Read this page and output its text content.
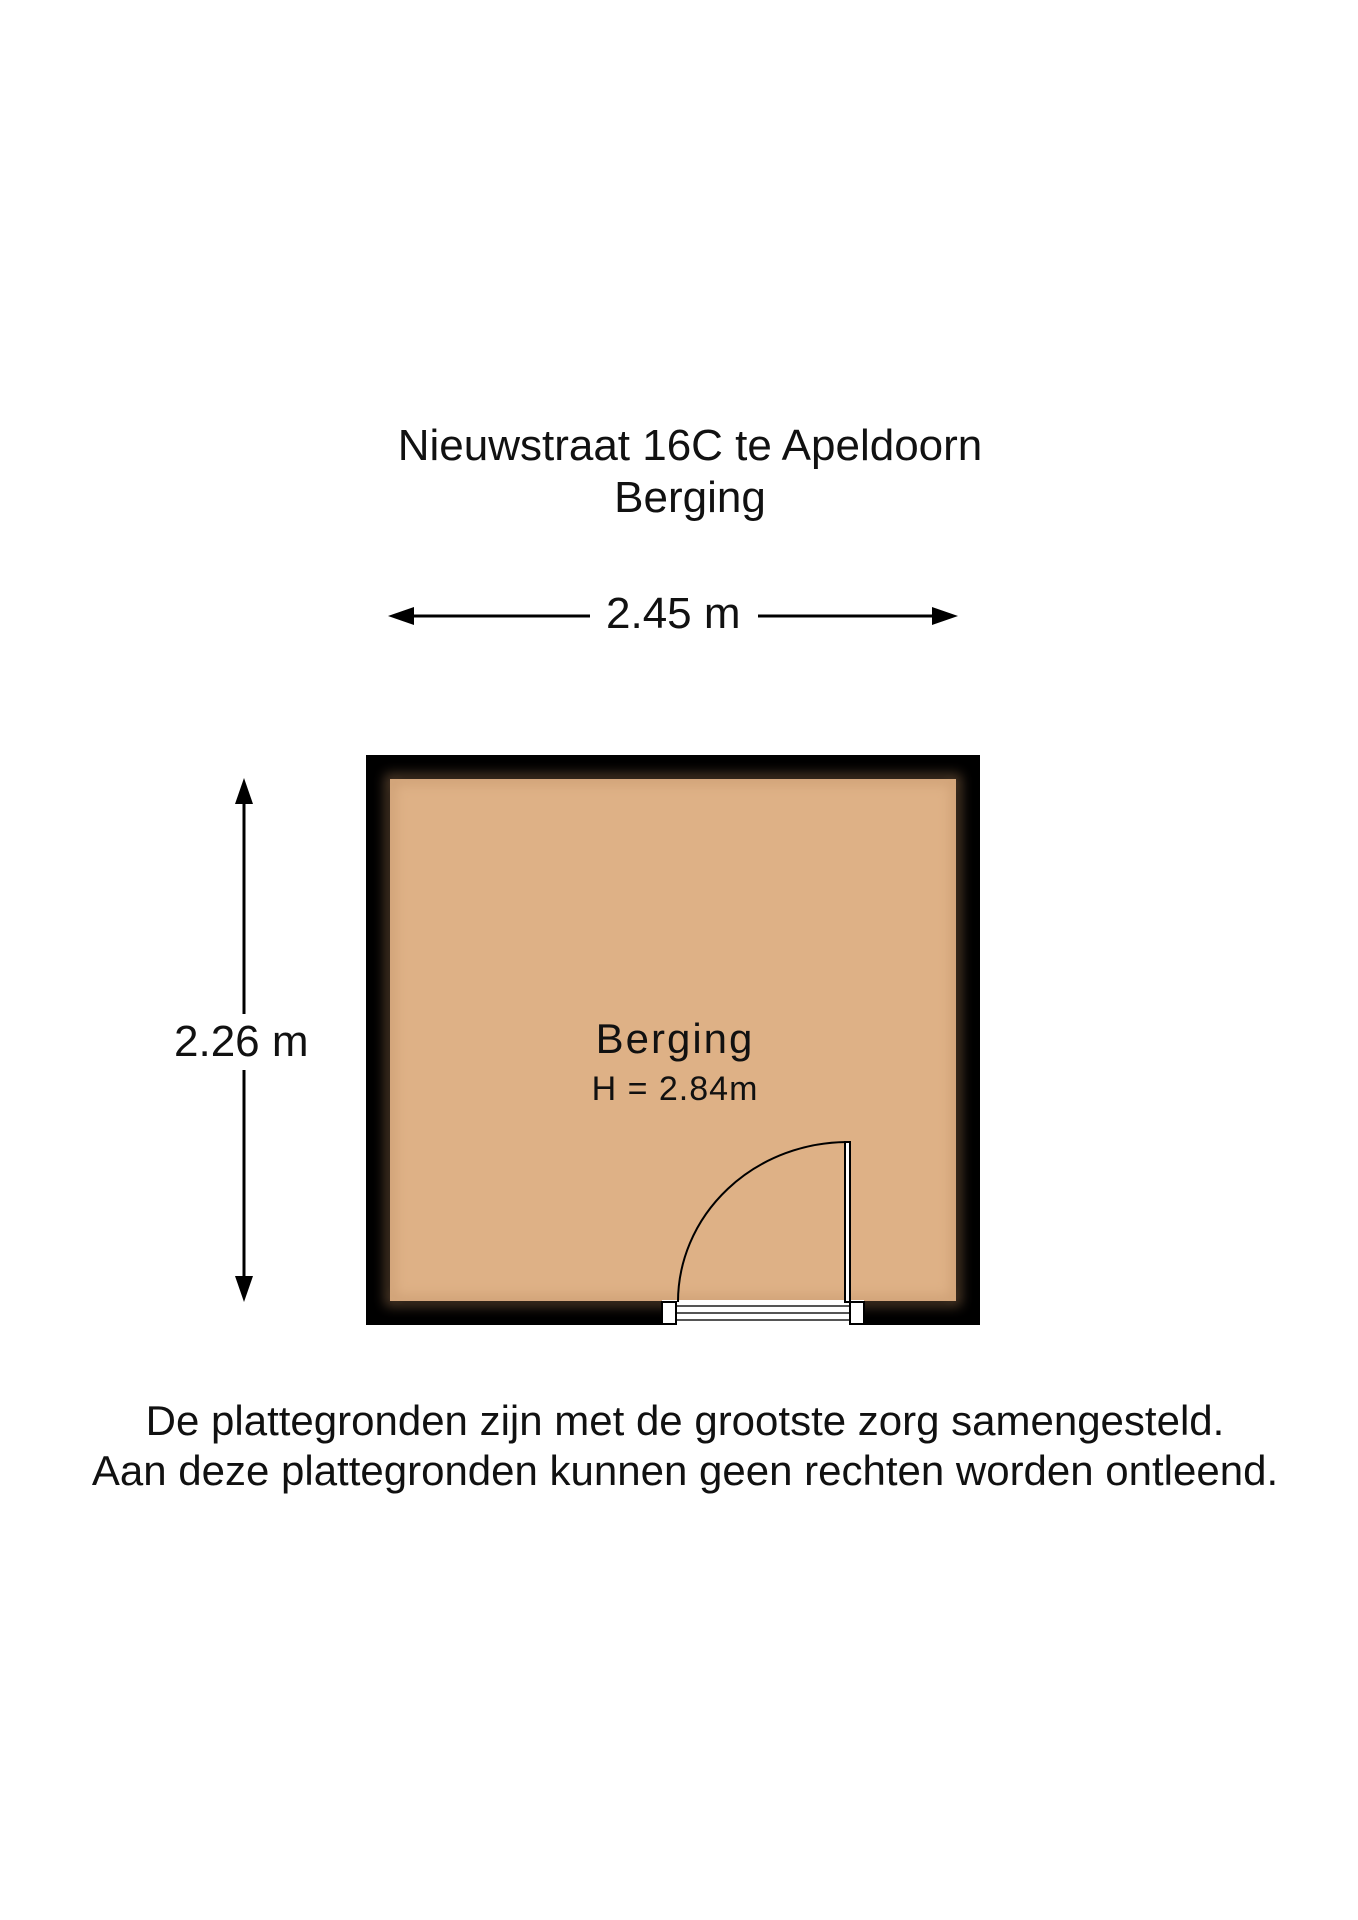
Nieuwstraat 16C te Apeldoorn
Berging
2.45 m
2.26 m	Berging
H = 2.84m
De plattegronden zijn met de grootste zorg samengesteld.
Aan deze plattegronden kunnen geen rechten worden ontleend.
